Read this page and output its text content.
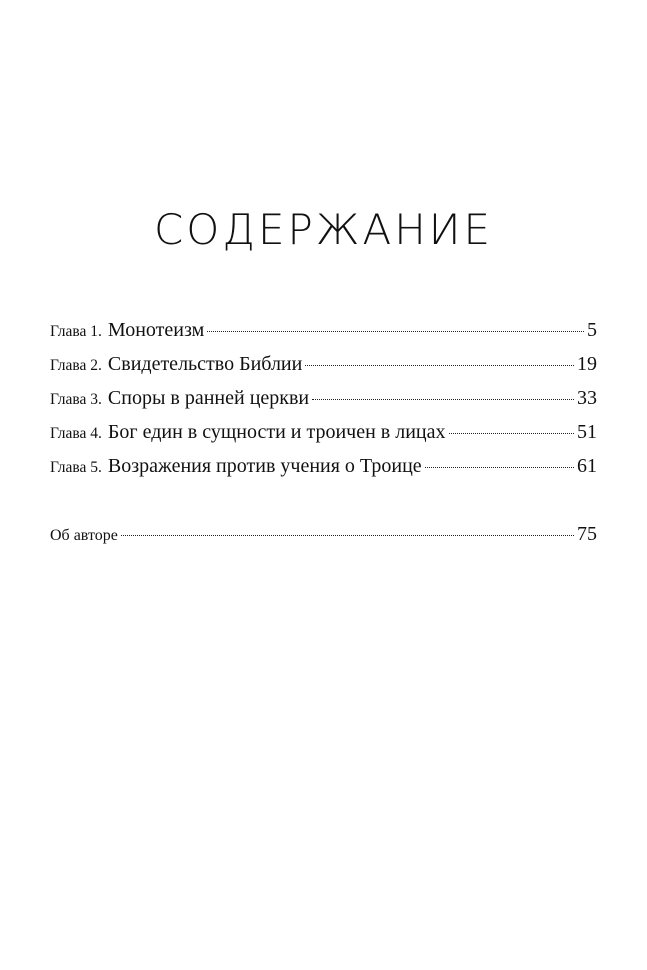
СОДЕРЖАНИЕ
Глава 1. Монотеизм	5
Глава 2. Свидетельство Библии	19
Глава 3. Споры в ранней церкви	33
Глава 4. Бог един в сущности и троичен в лицах	51
Глава 5. Возражения против учения о Троице	61
Об авторе	75
